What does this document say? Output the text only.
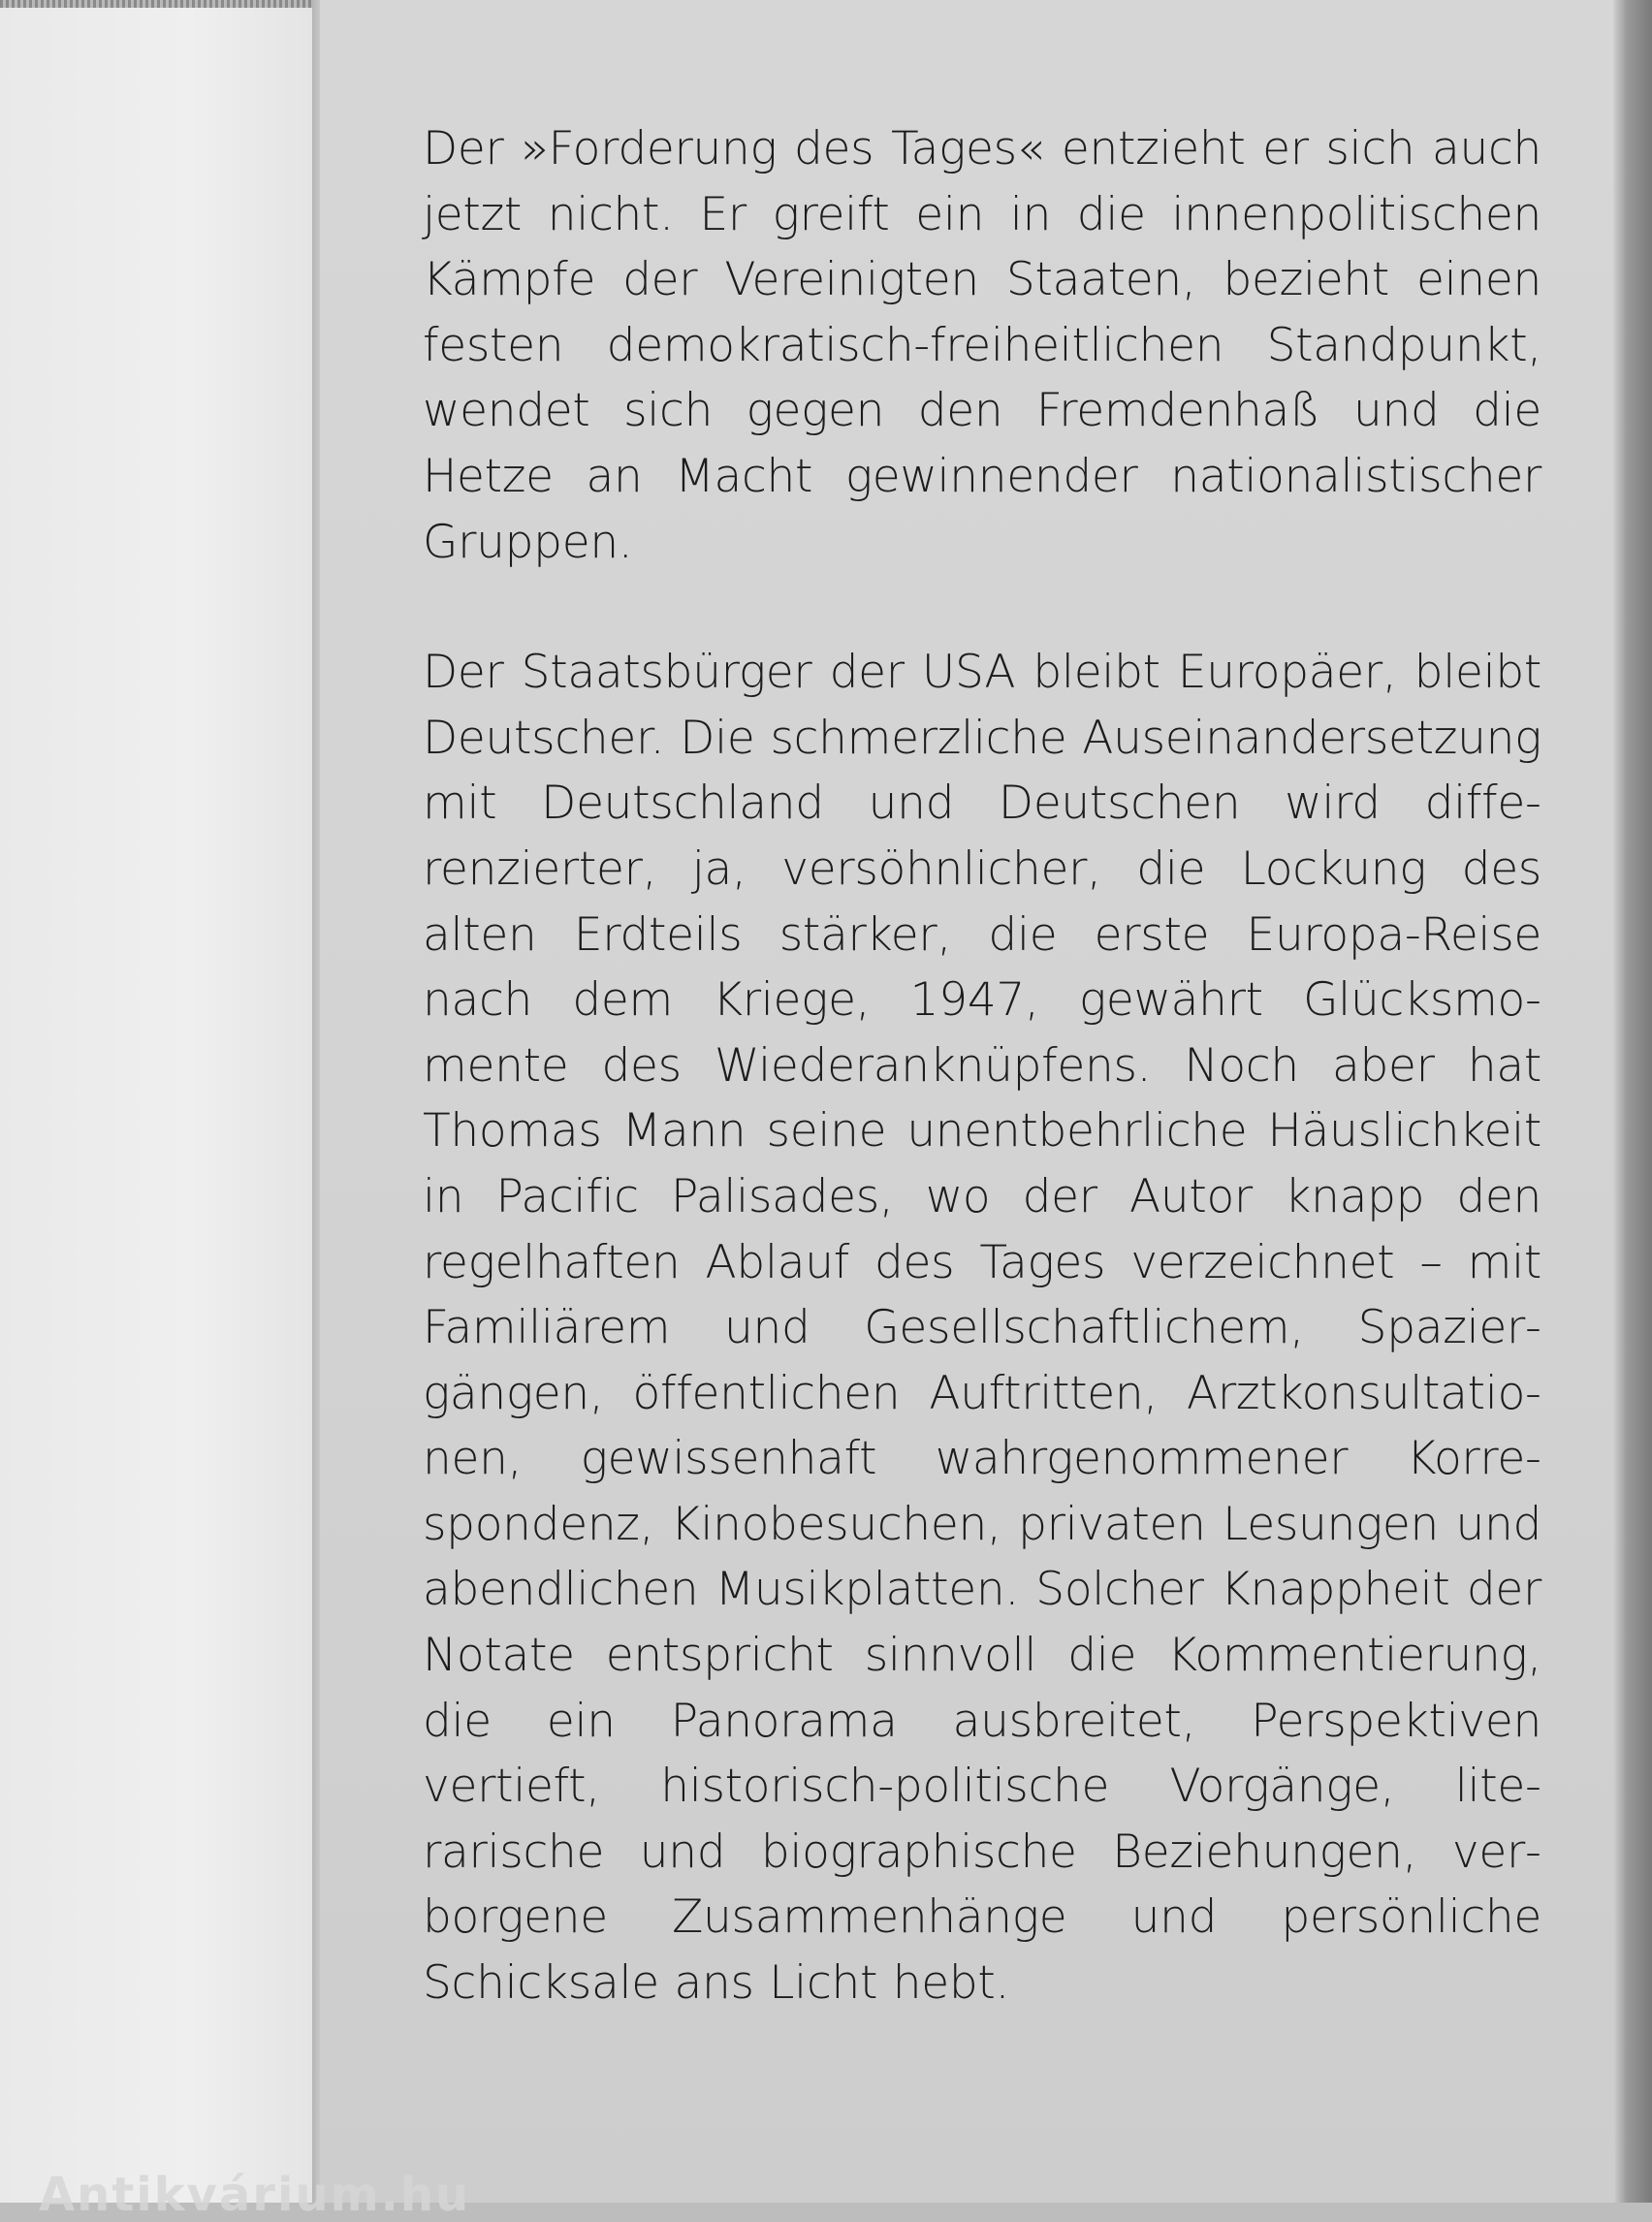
Der »Forderung des Tages« entzieht er sich auch jetzt nicht. Er greift ein in die innenpolitischen Kämpfe der Vereinigten Staaten, bezieht einen festen demokratisch-freiheitlichen Standpunkt, wendet sich gegen den Fremdenhaß und die Hetze an Macht gewinnender nationalistischer Gruppen.

Der Staatsbürger der USA bleibt Europäer, bleibt Deutscher. Die schmerzliche Auseinandersetzung mit Deutschland und Deutschen wird differenzierter, ja, versöhnlicher, die Lockung des alten Erdteils stärker, die erste Europa-Reise nach dem Kriege, 1947, gewährt Glücksmomente des Wiederanknüpfens. Noch aber hat Thomas Mann seine unentbehrliche Häuslichkeit in Pacific Palisades, wo der Autor knapp den regelhaften Ablauf des Tages verzeichnet – mit Familiärem und Gesellschaftlichem, Spaziergängen, öffentlichen Auftritten, Arztkonsultationen, gewissenhaft wahrgenommener Korrespondenz, Kinobesuchen, privaten Lesungen und abendlichen Musikplatten. Solcher Knappheit der Notate entspricht sinnvoll die Kommentierung, die ein Panorama ausbreitet, Perspektiven vertieft, historisch-politische Vorgänge, literarische und biographische Beziehungen, verborgene Zusammenhänge und persönliche Schicksale ans Licht hebt.

Antikvárium.hu
